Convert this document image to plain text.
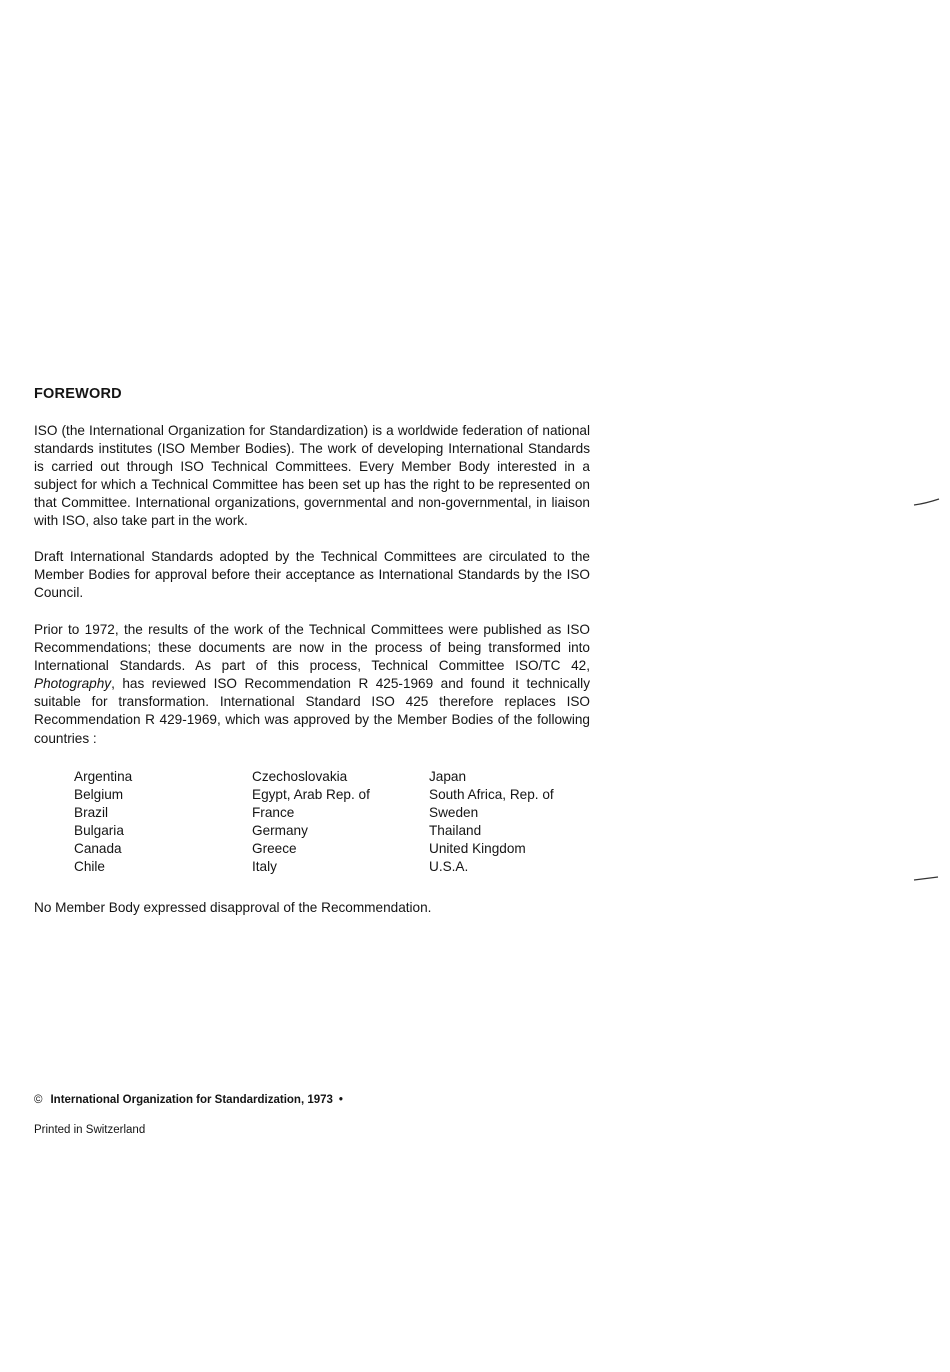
FOREWORD

ISO (the International Organization for Standardization) is a worldwide federation of national standards institutes (ISO Member Bodies). The work of developing International Standards is carried out through ISO Technical Committees. Every Member Body interested in a subject for which a Technical Committee has been set up has the right to be represented on that Committee. International organizations, governmental and non-governmental, in liaison with ISO, also take part in the work.

Draft International Standards adopted by the Technical Committees are circulated to the Member Bodies for approval before their acceptance as International Standards by the ISO Council.

Prior to 1972, the results of the work of the Technical Committees were published as ISO Recommendations; these documents are now in the process of being transformed into International Standards. As part of this process, Technical Committee ISO/TC 42, Photography, has reviewed ISO Recommendation R 425-1969 and found it technically suitable for transformation. International Standard ISO 425 therefore replaces ISO Recommendation R 429-1969, which was approved by the Member Bodies of the following countries :

Argentina
Belgium
Brazil
Bulgaria
Canada
Chile
Czechoslovakia
Egypt, Arab Rep. of
France
Germany
Greece
Italy
Japan
South Africa, Rep. of
Sweden
Thailand
United Kingdom
U.S.A.
No Member Body expressed disapproval of the Recommendation.
© International Organization for Standardization, 1973 •
Printed in Switzerland
